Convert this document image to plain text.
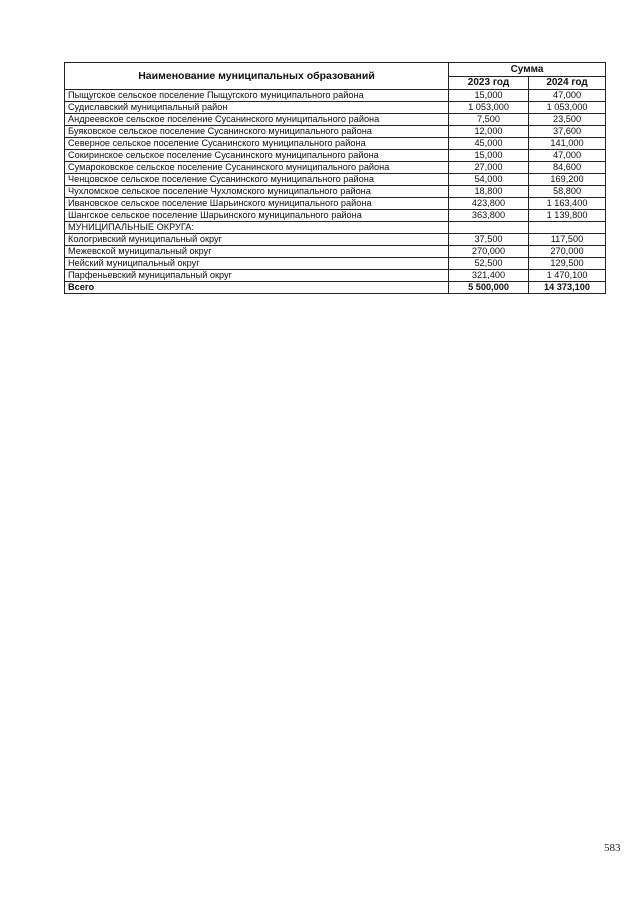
Наименование муниципальных образований	Сумма	
	2023 год	2024 год
Пыщугское сельское поселение Пыщугского муниципального района	15,000	47,000
Судиславский муниципальный район	1 053,000	1 053,000
Андреевское сельское поселение Сусанинского муниципального района	7,500	23,500
Буяковское сельское поселение Сусанинского муниципального района	12,000	37,600
Северное сельское поселение Сусанинского муниципального района	45,000	141,000
Сокиринское сельское поселение Сусанинского муниципального района	15,000	47,000
Сумароковское сельское поселение Сусанинского муниципального района	27,000	84,600
Ченцовское сельское поселение Сусанинского муниципального района	54,000	169,200
Чухломское сельское поселение Чухломского муниципального района	18,800	58,800
Ивановское сельское поселение Шарьинского муниципального района	423,800	1 163,400
Шангское сельское поселение Шарьинского муниципального района	363,800	1 139,800
МУНИЦИПАЛЬНЫЕ ОКРУГА:		
Кологривский муниципальный округ	37,500	117,500
Межевской муниципальный округ	270,000	270,000
Нейский муниципальный округ	52,500	129,500
Парфеньевский муниципальный округ	321,400	1 470,100
Всего	5 500,000	14 373,100
583
